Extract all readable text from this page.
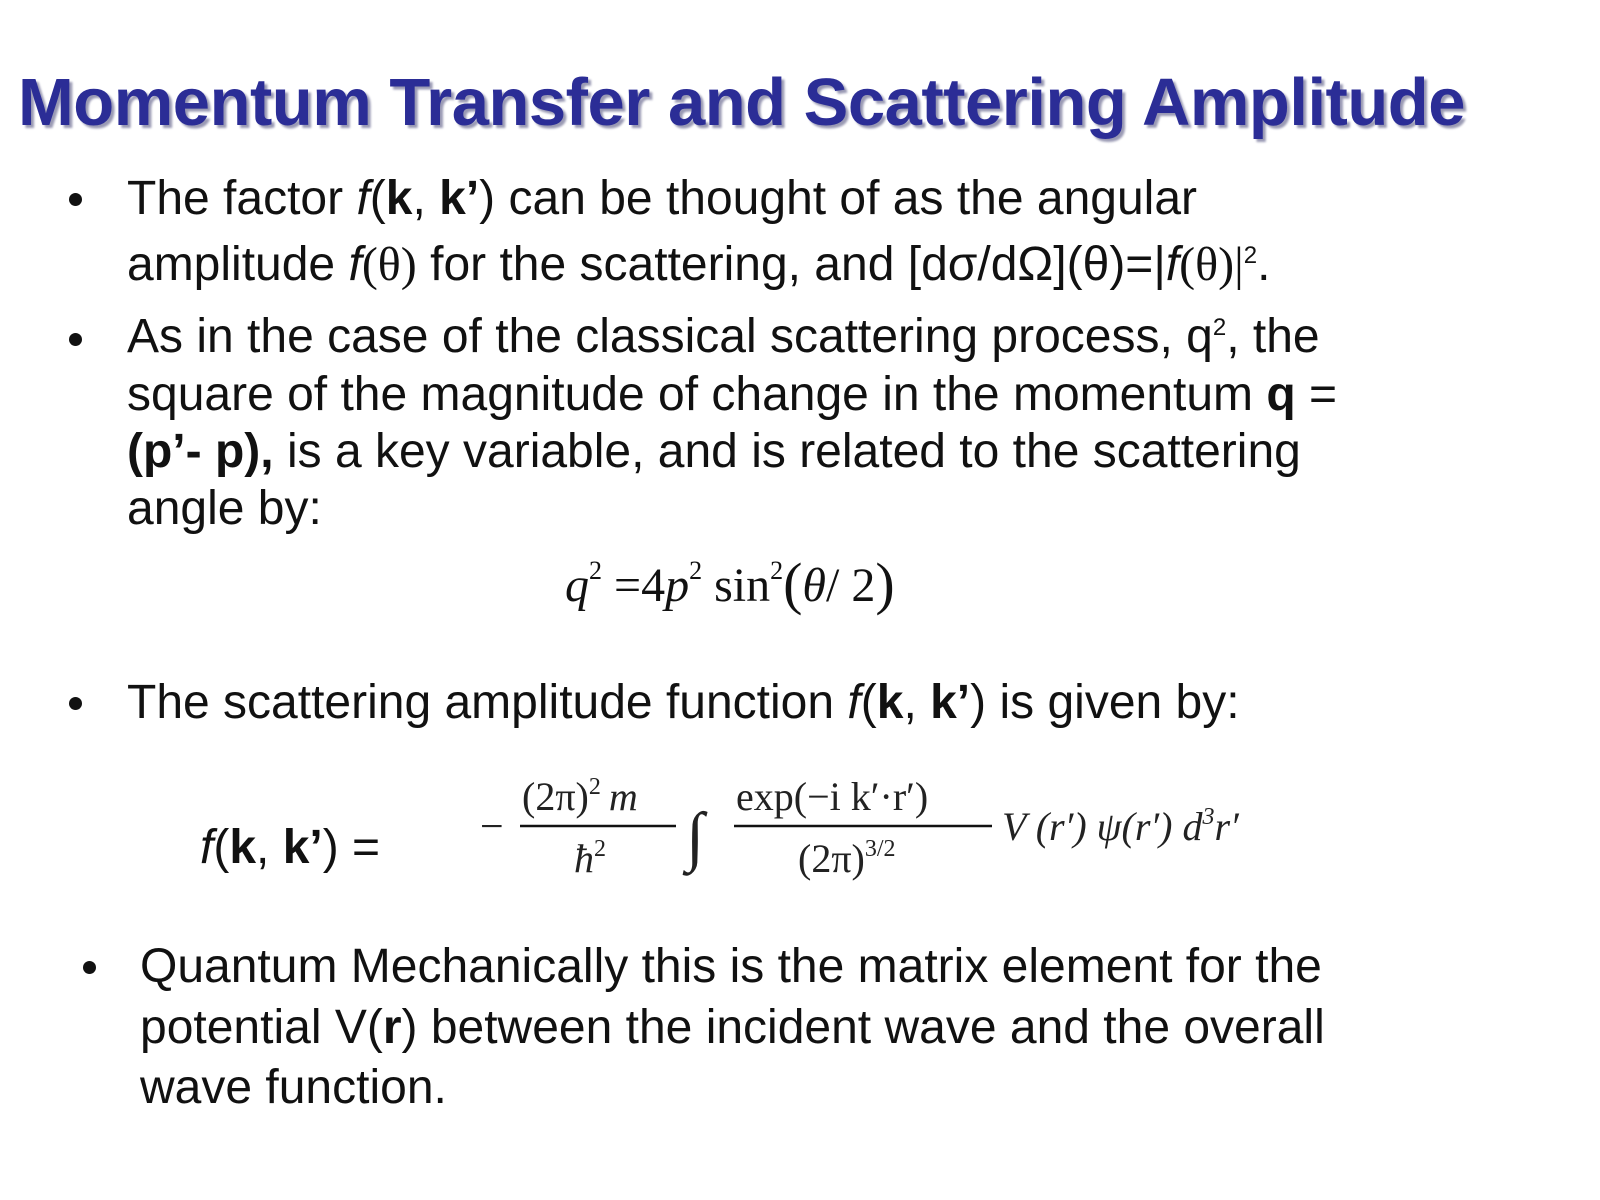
Momentum Transfer and Scattering Amplitude
The factor f(k, k’) can be thought of as the angular
amplitude f(θ) for the scattering, and $[d\sigma/d\Omega](\theta)=|f(\theta)|^2$.
As in the case of the classical scattering process, $q^2$, the
square of the magnitude of change in the momentum q =
(p’- p), is a key variable, and is related to the scattering
angle by:
$q^2 =4p^2$ $\sin^2(\theta/$ 2)
The scattering amplitude function f(k, k’) is given by:
f(k, k’) = −
$(2\pi)^2$ m
$ħ^2$ ∫
exp(−i k′·r′)
$(2\pi)^{3/2}$	V (r′) ψ(r′) $d^3r'$
Quantum Mechanically this is the matrix element for the
potential V(r) between the incident wave and the overall
wave function.
